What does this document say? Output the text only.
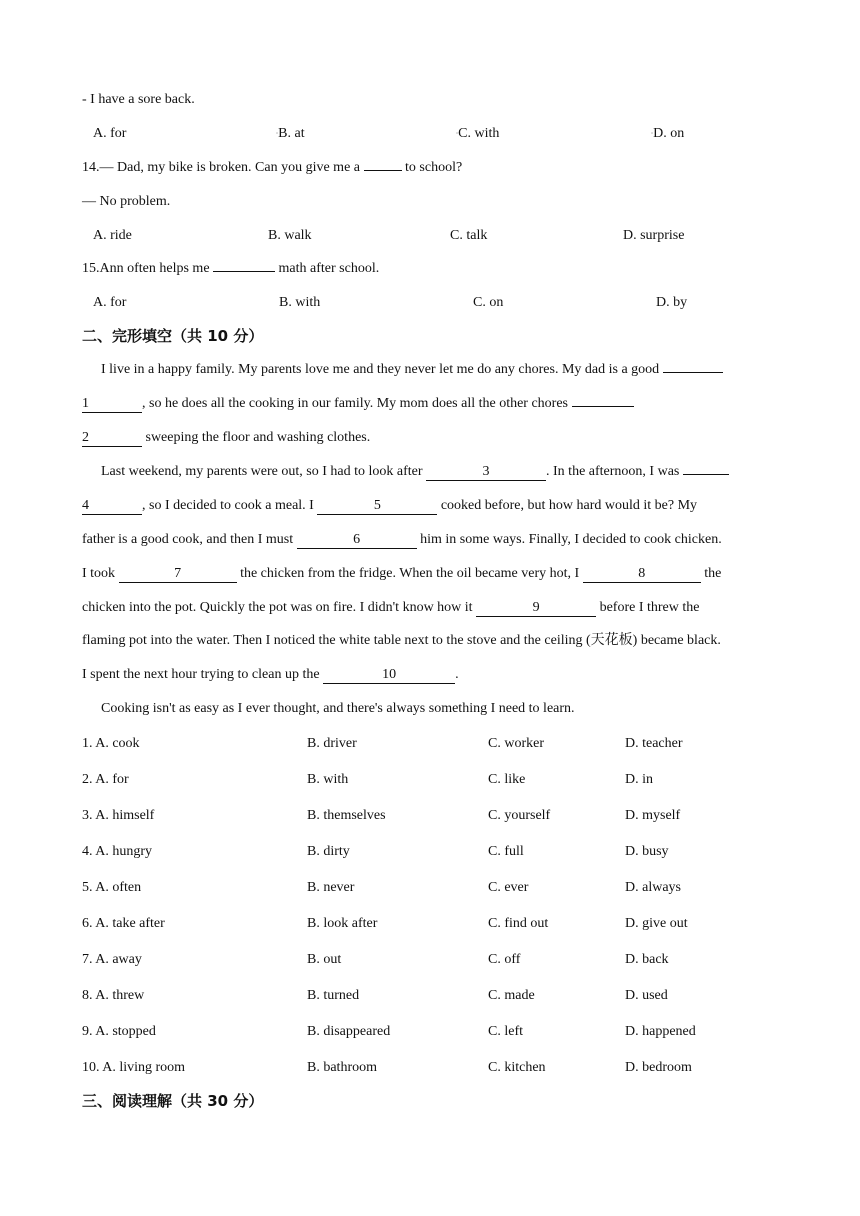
- I have a sore back.
A. for	▫B. at	▫C. with	▫D. on
14.— Dad, my bike is broken. Can you give me a	to school?
— No problem.
A. ride	B. walk	C. talk	D. surprise
15.Ann often helps me	math after school.
A. for	B. with	C. on	D. by
二、完形填空（共 10 分）
I live in a happy family. My parents love me and they never let me do any chores. My dad is a good
1	, so he does all the cooking in our family. My mom does all the other chores
2	sweeping the floor and washing clothes.
Last weekend, my parents were out, so I had to look after	3	. In the afternoon, I was
4	, so I decided to cook a meal. I	5	cooked before, but how hard would it be? My
father is a good cook, and then I must	6	him in some ways. Finally, I decided to cook chicken.
I took	7	the chicken from the fridge. When the oil became very hot, I	8	the
chicken into the pot. Quickly the pot was on fire. I didn't know how it	9	before I threw the
flaming pot into the water. Then I noticed the white table next to the stove and the ceiling (天花板) became black.
I spent the next hour trying to clean up the	10	.
Cooking isn't as easy as I ever thought, and there's always something I need to learn.
1. A. cook	B. driver	C. worker	D. teacher
2. A. for	B. with	C. like	D. in
3. A. himself	B. themselves	C. yourself	D. myself
4. A. hungry	B. dirty	C. full	D. busy
5. A. often	B. never	C. ever	D. always
6. A. take after	B. look after	C. find out	D. give out
7. A. away	B. out	C. off	D. back
8. A. threw	B. turned	C. made	D. used
9. A. stopped	B. disappeared	C. left	D. happened
10. A. living room	B. bathroom	C. kitchen	D. bedroom
三、阅读理解（共 30 分）
